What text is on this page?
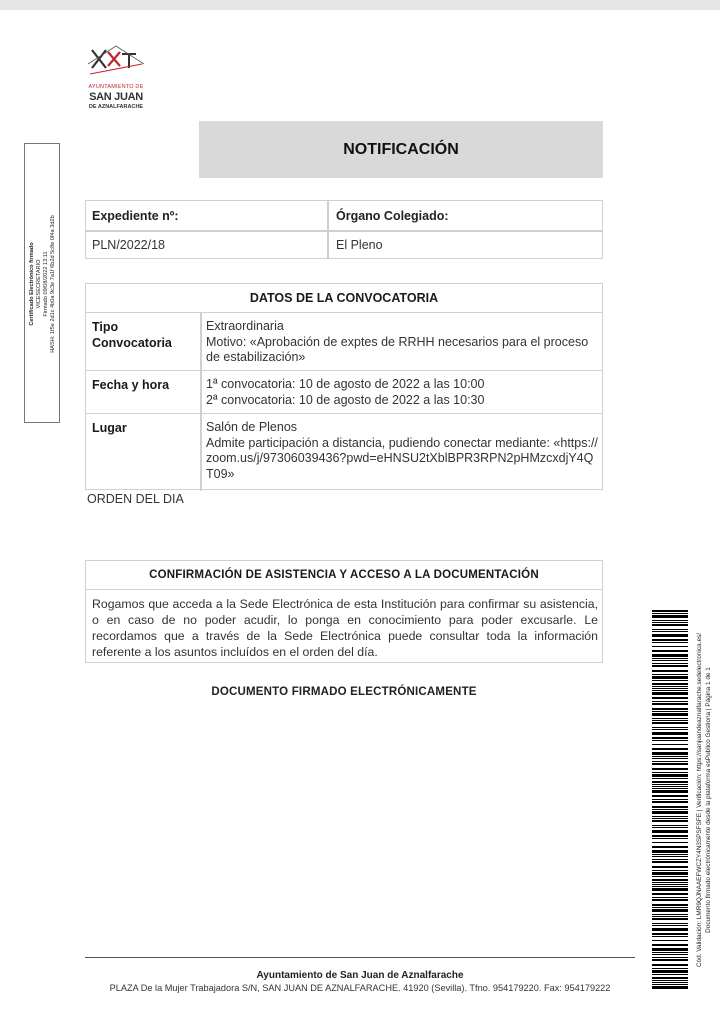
AYUNTAMIENTO DE
SAN JUAN
DE AZNALFARACHE
Certificado Electrónico firmado VICESECRETARIO Firmado 09/08/2022 13:11 HASH: 1f5e 2d1c 4b0a 9c3e 7a1f 6b2d 5c8e 0f4a 3d2b
NOTIFICACIÓN
Expediente nº:
PLN/2022/18
Órgano Colegiado:
El Pleno
DATOS DE LA CONVOCATORIA
Tipo
Convocatoria
Extraordinaria
Motivo: «Aprobación de exptes de RRHH necesarios para el proceso de estabilización»
Fecha y hora	1ª convocatoria: 10 de agosto de 2022 a las 10:00
2ª convocatoria: 10 de agosto de 2022 a las 10:30
Lugar	Salón de Plenos
Admite participación a distancia, pudiendo conectar mediante: «https://zoom.us/j/97306039436?pwd=eHNSU2tXblBPR3RPN2pHMzcxdjY4QT09»
ORDEN DEL DIA
CONFIRMACIÓN DE ASISTENCIA Y ACCESO A LA DOCUMENTACIÓN
Rogamos que acceda a la Sede Electrónica de esta Institución para confirmar su asistencia, o en caso de no poder acudir, lo ponga en conocimiento para poder excusarle. Le recordamos que a través de la Sede Electrónica puede consultar toda la información referente a los asuntos incluídos en el orden del día.
DOCUMENTO FIRMADO ELECTRÓNICAMENTE
Ayuntamiento de San Juan de Aznalfarache
PLAZA De la Mujer Trabajadora S/N, SAN JUAN DE AZNALFARACHE. 41920 (Sevilla). Tfno. 954179220. Fax: 954179222
Cód. Validación: LMR9QJNAAEFWCZY4N3SPSFSFE | Verificación: https://sanjuandeaznalfarache.sedelectronica.es/ Documento firmado electrónicamente desde la plataforma esPublico Gestiona | Página 1 de 1
